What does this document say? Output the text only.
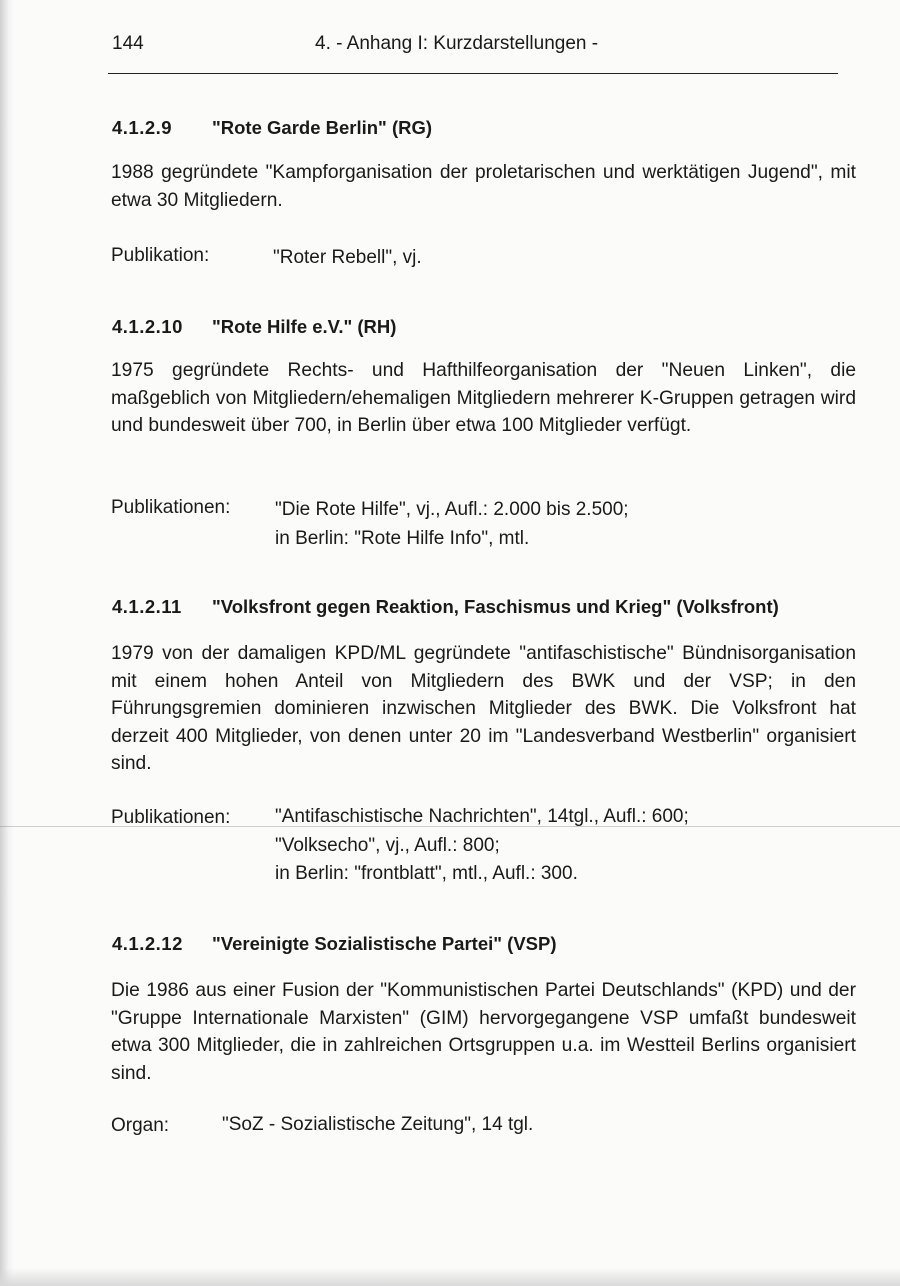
144	4. - Anhang I: Kurzdarstellungen -
4.1.2.9 "Rote Garde Berlin" (RG)
1988 gegründete "Kampforganisation der proletarischen und werktätigen Jugend", mit etwa 30 Mitgliedern.
Publikation:	"Roter Rebell", vj.
4.1.2.10 "Rote Hilfe e.V." (RH)
1975 gegründete Rechts- und Hafthilfeorganisation der "Neuen Linken", die maßgeblich von Mitgliedern/ehemaligen Mitgliedern mehrerer K-Gruppen getragen wird und bundesweit über 700, in Berlin über etwa 100 Mitglieder verfügt.
Publikationen: "Die Rote Hilfe", vj., Aufl.: 2.000 bis 2.500;
in Berlin: "Rote Hilfe Info", mtl.
4.1.2.11 "Volksfront gegen Reaktion, Faschismus und Krieg" (Volksfront)
1979 von der damaligen KPD/ML gegründete "antifaschistische" Bündnisorganisation mit einem hohen Anteil von Mitgliedern des BWK und der VSP; in den Führungsgremien dominieren inzwischen Mitglieder des BWK. Die Volksfront hat derzeit 400 Mitglieder, von denen unter 20 im "Landesverband Westberlin" organisiert sind.
Publikationen: "Antifaschistische Nachrichten", 14tgl., Aufl.: 600;
"Volksecho", vj., Aufl.: 800;
in Berlin: "frontblatt", mtl., Aufl.: 300.
4.1.2.12 "Vereinigte Sozialistische Partei" (VSP)
Die 1986 aus einer Fusion der "Kommunistischen Partei Deutschlands" (KPD) und der "Gruppe Internationale Marxisten" (GIM) hervorgegangene VSP umfaßt bundesweit etwa 300 Mitglieder, die in zahlreichen Ortsgruppen u.a. im Westteil Berlins organisiert sind.
Organ:	"SoZ - Sozialistische Zeitung", 14 tgl.
